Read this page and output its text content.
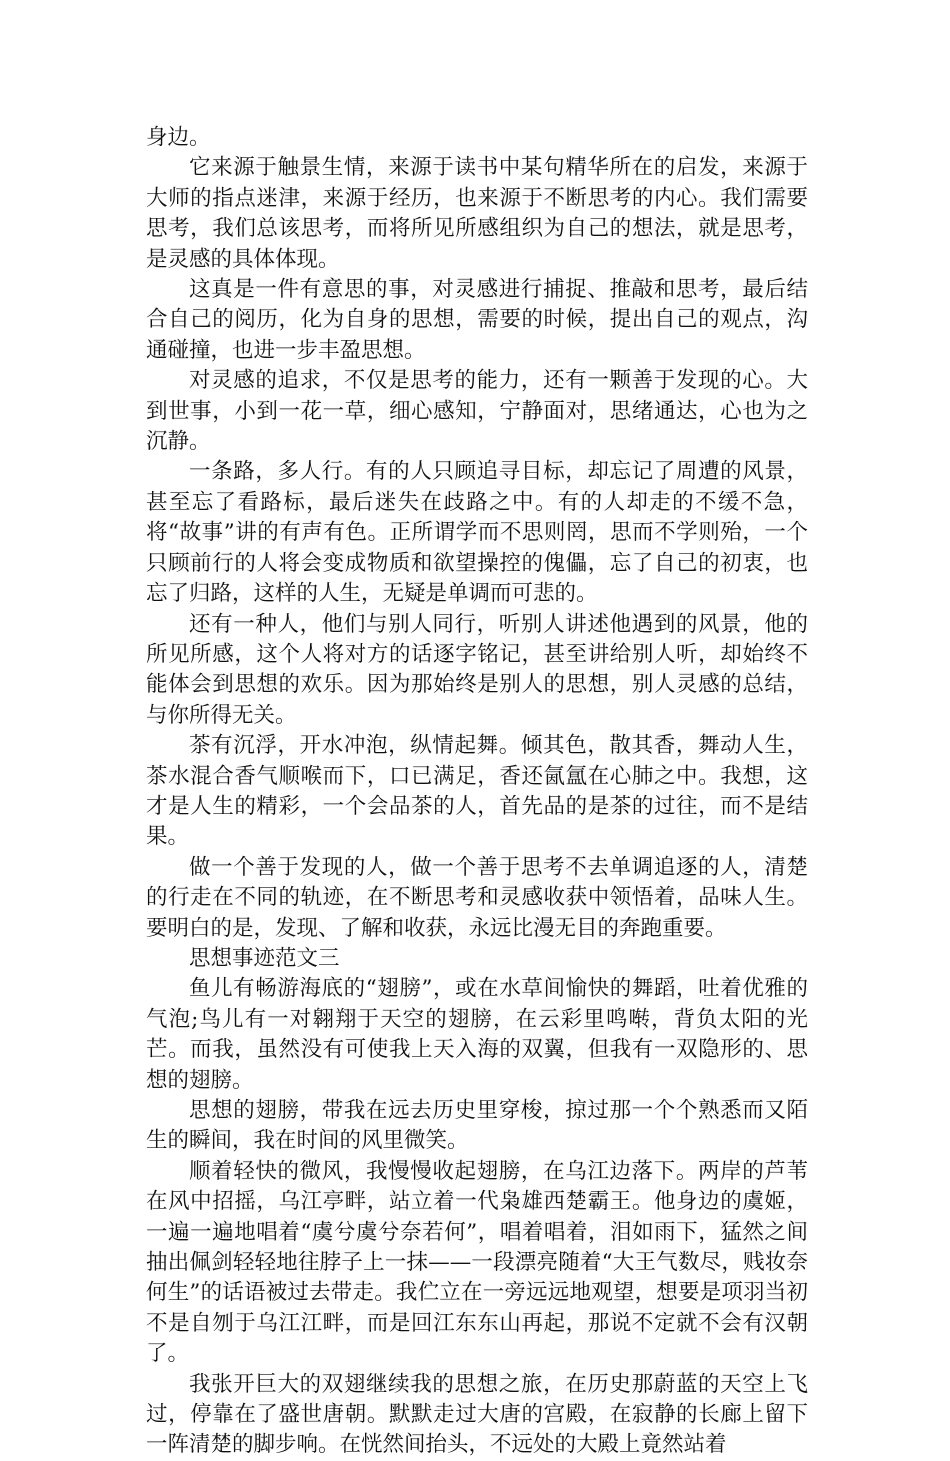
身边。

它来源于触景生情，来源于读书中某句精华所在的启发，来源于大师的指点迷津，来源于经历，也来源于不断思考的内心。我们需要思考，我们总该思考，而将所见所感组织为自己的想法，就是思考，是灵感的具体体现。

这真是一件有意思的事，对灵感进行捕捉、推敲和思考，最后结合自己的阅历，化为自身的思想，需要的时候，提出自己的观点，沟通碰撞，也进一步丰盈思想。

对灵感的追求，不仅是思考的能力，还有一颗善于发现的心。大到世事，小到一花一草，细心感知，宁静面对，思绪通达，心也为之沉静。

一条路，多人行。有的人只顾追寻目标，却忘记了周遭的风景，甚至忘了看路标，最后迷失在歧路之中。有的人却走的不缓不急，将“故事”讲的有声有色。正所谓学而不思则罔，思而不学则殆，一个只顾前行的人将会变成物质和欲望操控的傀儡，忘了自己的初衷，也忘了归路，这样的人生，无疑是单调而可悲的。

还有一种人，他们与别人同行，听别人讲述他遇到的风景，他的所见所感，这个人将对方的话逐字铭记，甚至讲给别人听，却始终不能体会到思想的欢乐。因为那始终是别人的思想，别人灵感的总结，与你所得无关。

茶有沉浮，开水冲泡，纵情起舞。倾其色，散其香，舞动人生，茶水混合香气顺喉而下，口已满足，香还氤氲在心肺之中。我想，这才是人生的精彩，一个会品茶的人，首先品的是茶的过往，而不是结果。

做一个善于发现的人，做一个善于思考不去单调追逐的人，清楚的行走在不同的轨迹，在不断思考和灵感收获中领悟着，品味人生。要明白的是，发现、了解和收获，永远比漫无目的奔跑重要。

思想事迹范文三

鱼儿有畅游海底的“翅膀”，或在水草间愉快的舞蹈，吐着优雅的气泡;鸟儿有一对翱翔于天空的翅膀，在云彩里鸣啭，背负太阳的光芒。而我，虽然没有可使我上天入海的双翼，但我有一双隐形的、思想的翅膀。

思想的翅膀，带我在远去历史里穿梭，掠过那一个个熟悉而又陌生的瞬间，我在时间的风里微笑。

顺着轻快的微风，我慢慢收起翅膀，在乌江边落下。两岸的芦苇在风中招摇，乌江亭畔，站立着一代枭雄西楚霸王。他身边的虞姬，一遍一遍地唱着“虞兮虞兮奈若何”，唱着唱着，泪如雨下，猛然之间抽出佩剑轻轻地往脖子上一抹——一段漂亮随着“大王气数尽，贱妆奈何生”的话语被过去带走。我伫立在一旁远远地观望，想要是项羽当初不是自刎于乌江江畔，而是回江东东山再起，那说不定就不会有汉朝了。

我张开巨大的双翅继续我的思想之旅，在历史那蔚蓝的天空上飞过，停靠在了盛世唐朝。默默走过大唐的宫殿，在寂静的长廊上留下一阵清楚的脚步响。在恍然间抬头，不远处的大殿上竟然站着
